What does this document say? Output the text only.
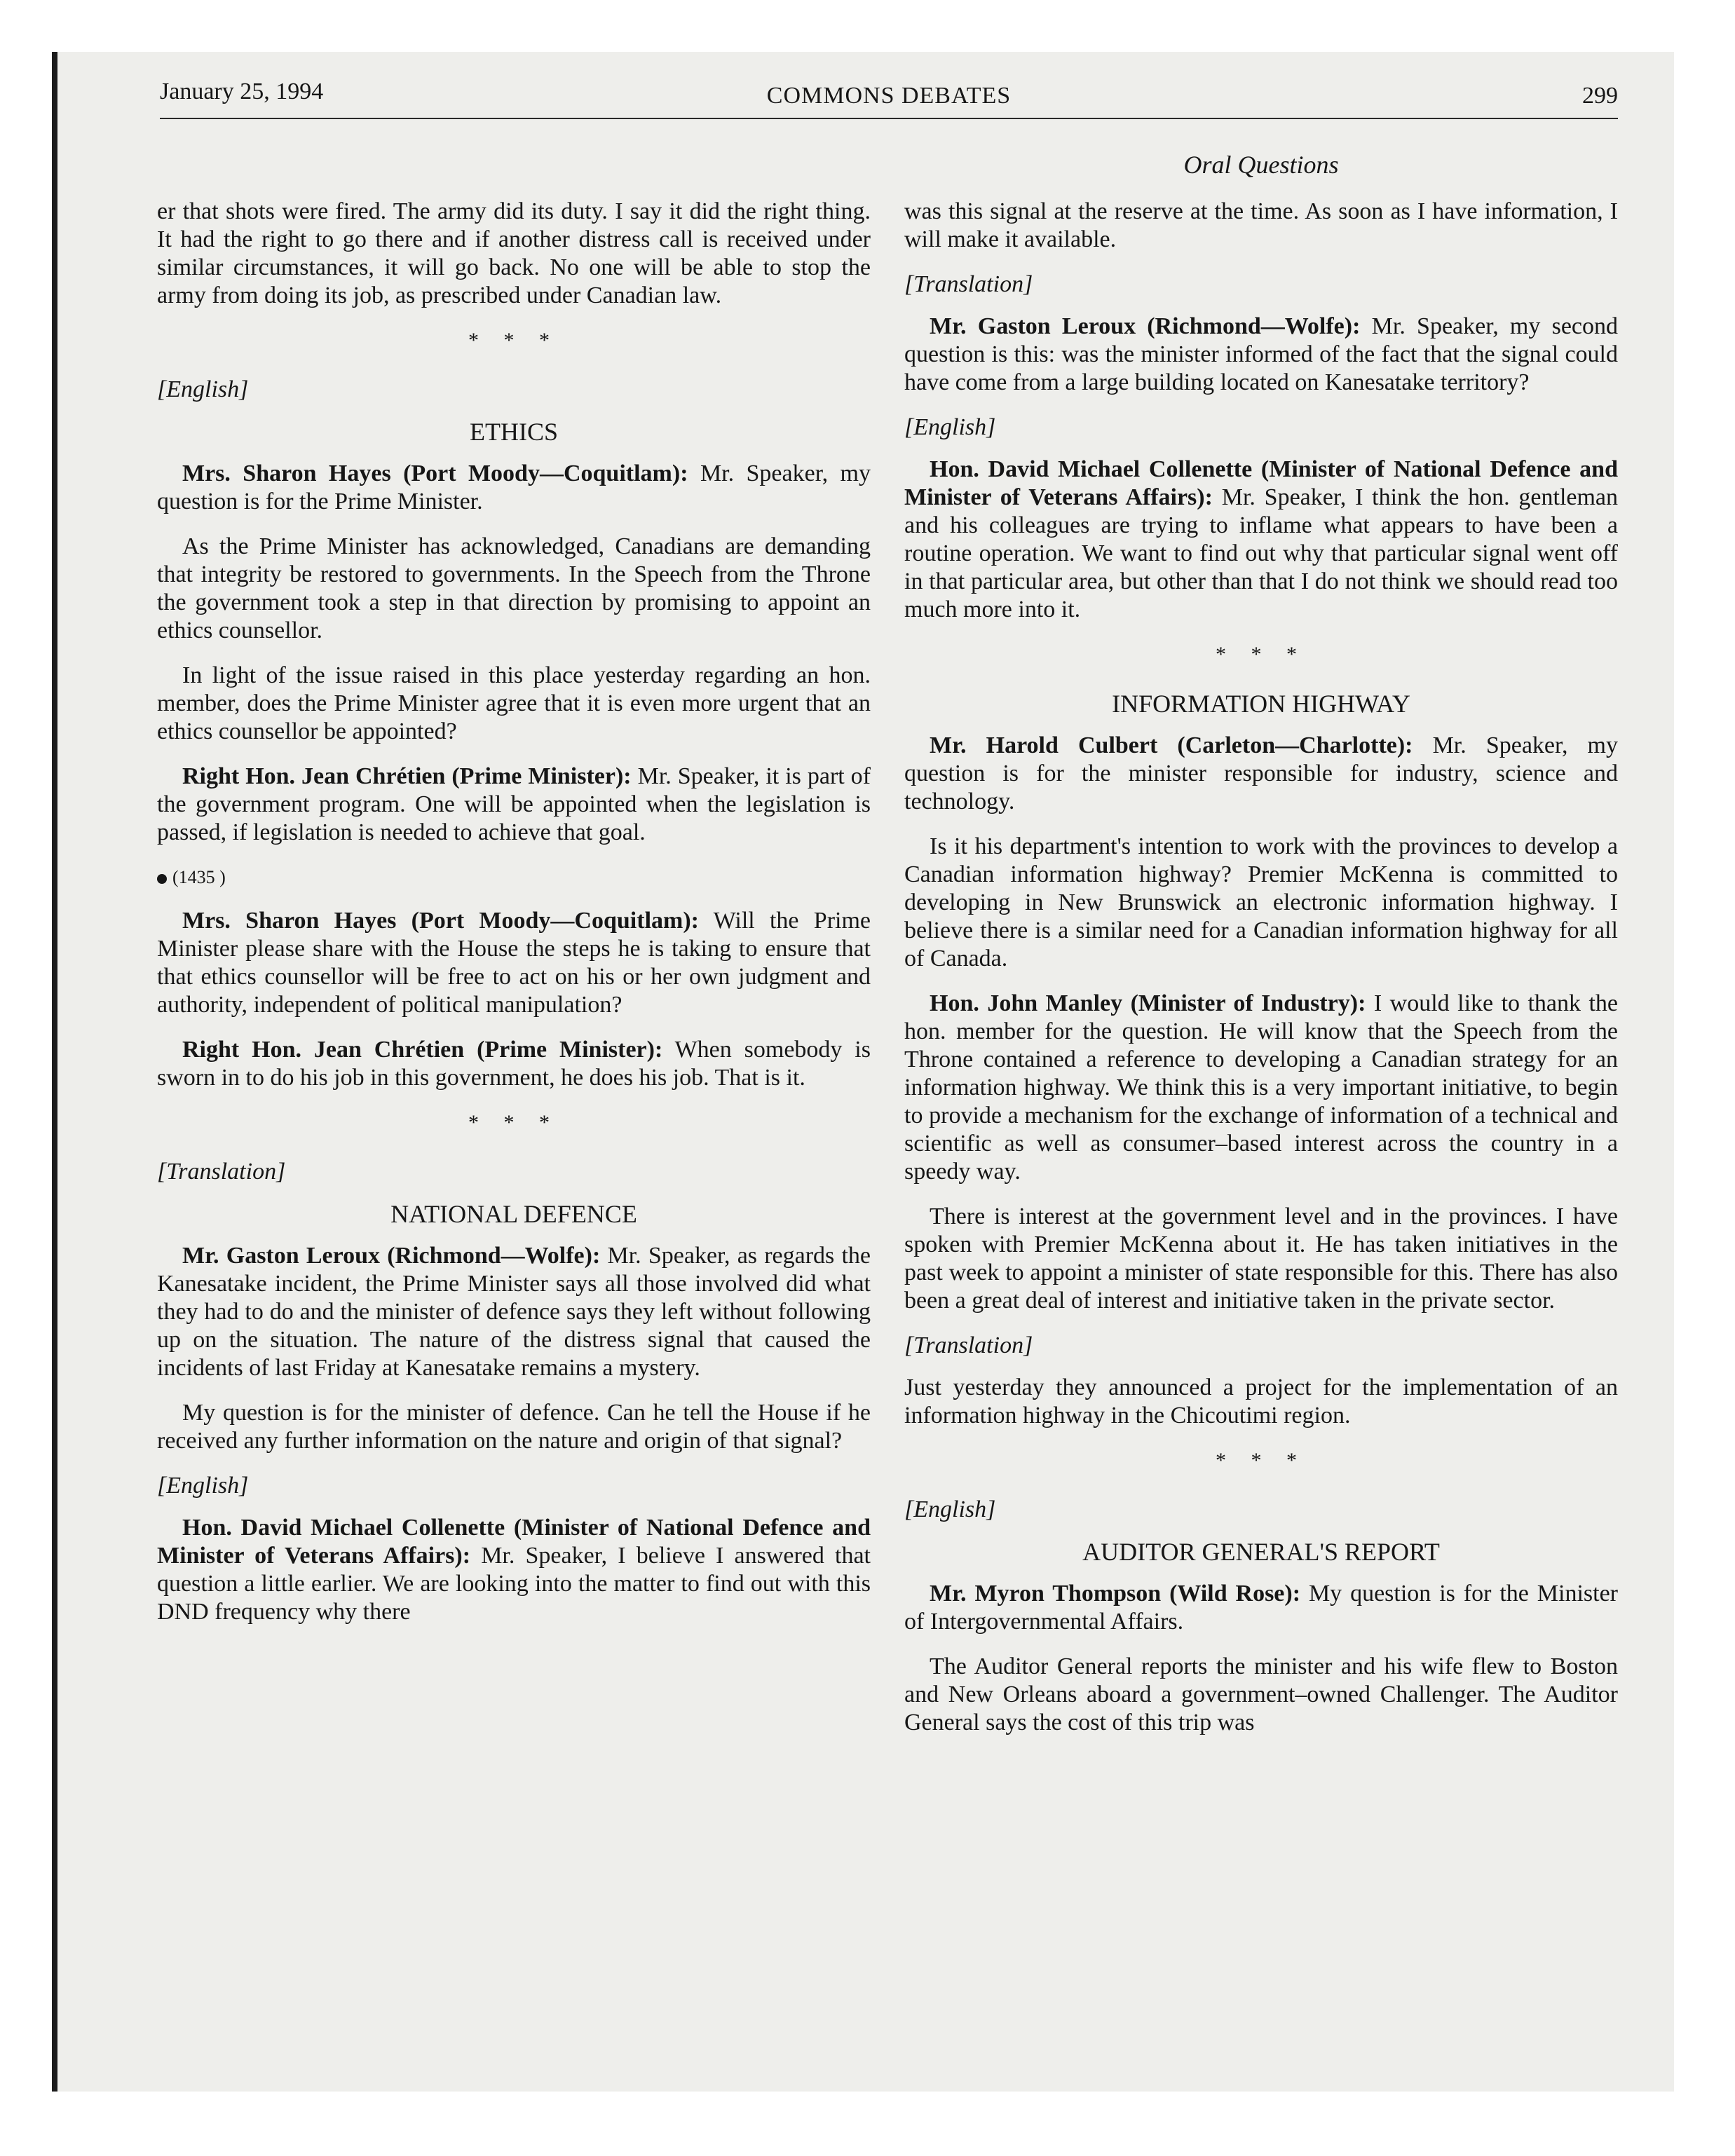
January 25, 1994	COMMONS DEBATES	299
Oral Questions

er that shots were fired. The army did its duty. I say it did the right thing. It had the right to go there and if another distress call is received under similar circumstances, it will go back. No one will be able to stop the army from doing its job, as prescribed under Canadian law.

* * *

[English]

ETHICS

Mrs. Sharon Hayes (Port Moody—Coquitlam): Mr. Speaker, my question is for the Prime Minister.

As the Prime Minister has acknowledged, Canadians are demanding that integrity be restored to governments. In the Speech from the Throne the government took a step in that direction by promising to appoint an ethics counsellor.

In light of the issue raised in this place yesterday regarding an hon. member, does the Prime Minister agree that it is even more urgent that an ethics counsellor be appointed?

Right Hon. Jean Chrétien (Prime Minister): Mr. Speaker, it is part of the government program. One will be appointed when the legislation is passed, if legislation is needed to achieve that goal.

(1435 )

Mrs. Sharon Hayes (Port Moody—Coquitlam): Will the Prime Minister please share with the House the steps he is taking to ensure that that ethics counsellor will be free to act on his or her own judgment and authority, independent of political manipulation?

Right Hon. Jean Chrétien (Prime Minister): When somebody is sworn in to do his job in this government, he does his job. That is it.

* * *

[Translation]

NATIONAL DEFENCE

Mr. Gaston Leroux (Richmond—Wolfe): Mr. Speaker, as regards the Kanesatake incident, the Prime Minister says all those involved did what they had to do and the minister of defence says they left without following up on the situation. The nature of the distress signal that caused the incidents of last Friday at Kanesatake remains a mystery.

My question is for the minister of defence. Can he tell the House if he received any further information on the nature and origin of that signal?

[English]

Hon. David Michael Collenette (Minister of National Defence and Minister of Veterans Affairs): Mr. Speaker, I believe I answered that question a little earlier. We are looking into the matter to find out with this DND frequency why there

was this signal at the reserve at the time. As soon as I have information, I will make it available.

[Translation]

Mr. Gaston Leroux (Richmond—Wolfe): Mr. Speaker, my second question is this: was the minister informed of the fact that the signal could have come from a large building located on Kanesatake territory?

[English]

Hon. David Michael Collenette (Minister of National Defence and Minister of Veterans Affairs): Mr. Speaker, I think the hon. gentleman and his colleagues are trying to inflame what appears to have been a routine operation. We want to find out why that particular signal went off in that particular area, but other than that I do not think we should read too much more into it.

* * *
INFORMATION HIGHWAY

Mr. Harold Culbert (Carleton—Charlotte): Mr. Speaker, my question is for the minister responsible for industry, science and technology.

Is it his department's intention to work with the provinces to develop a Canadian information highway? Premier McKenna is committed to developing in New Brunswick an electronic information highway. I believe there is a similar need for a Canadian information highway for all of Canada.

Hon. John Manley (Minister of Industry): I would like to thank the hon. member for the question. He will know that the Speech from the Throne contained a reference to developing a Canadian strategy for an information highway. We think this is a very important initiative, to begin to provide a mechanism for the exchange of information of a technical and scientific as well as consumer–based interest across the country in a speedy way.

There is interest at the government level and in the provinces. I have spoken with Premier McKenna about it. He has taken initiatives in the past week to appoint a minister of state responsible for this. There has also been a great deal of interest and initiative taken in the private sector.

[Translation]

Just yesterday they announced a project for the implementation of an information highway in the Chicoutimi region.

* * *

[English]

AUDITOR GENERAL'S REPORT

Mr. Myron Thompson (Wild Rose): My question is for the Minister of Intergovernmental Affairs.

The Auditor General reports the minister and his wife flew to Boston and New Orleans aboard a government–owned Challenger. The Auditor General says the cost of this trip was
